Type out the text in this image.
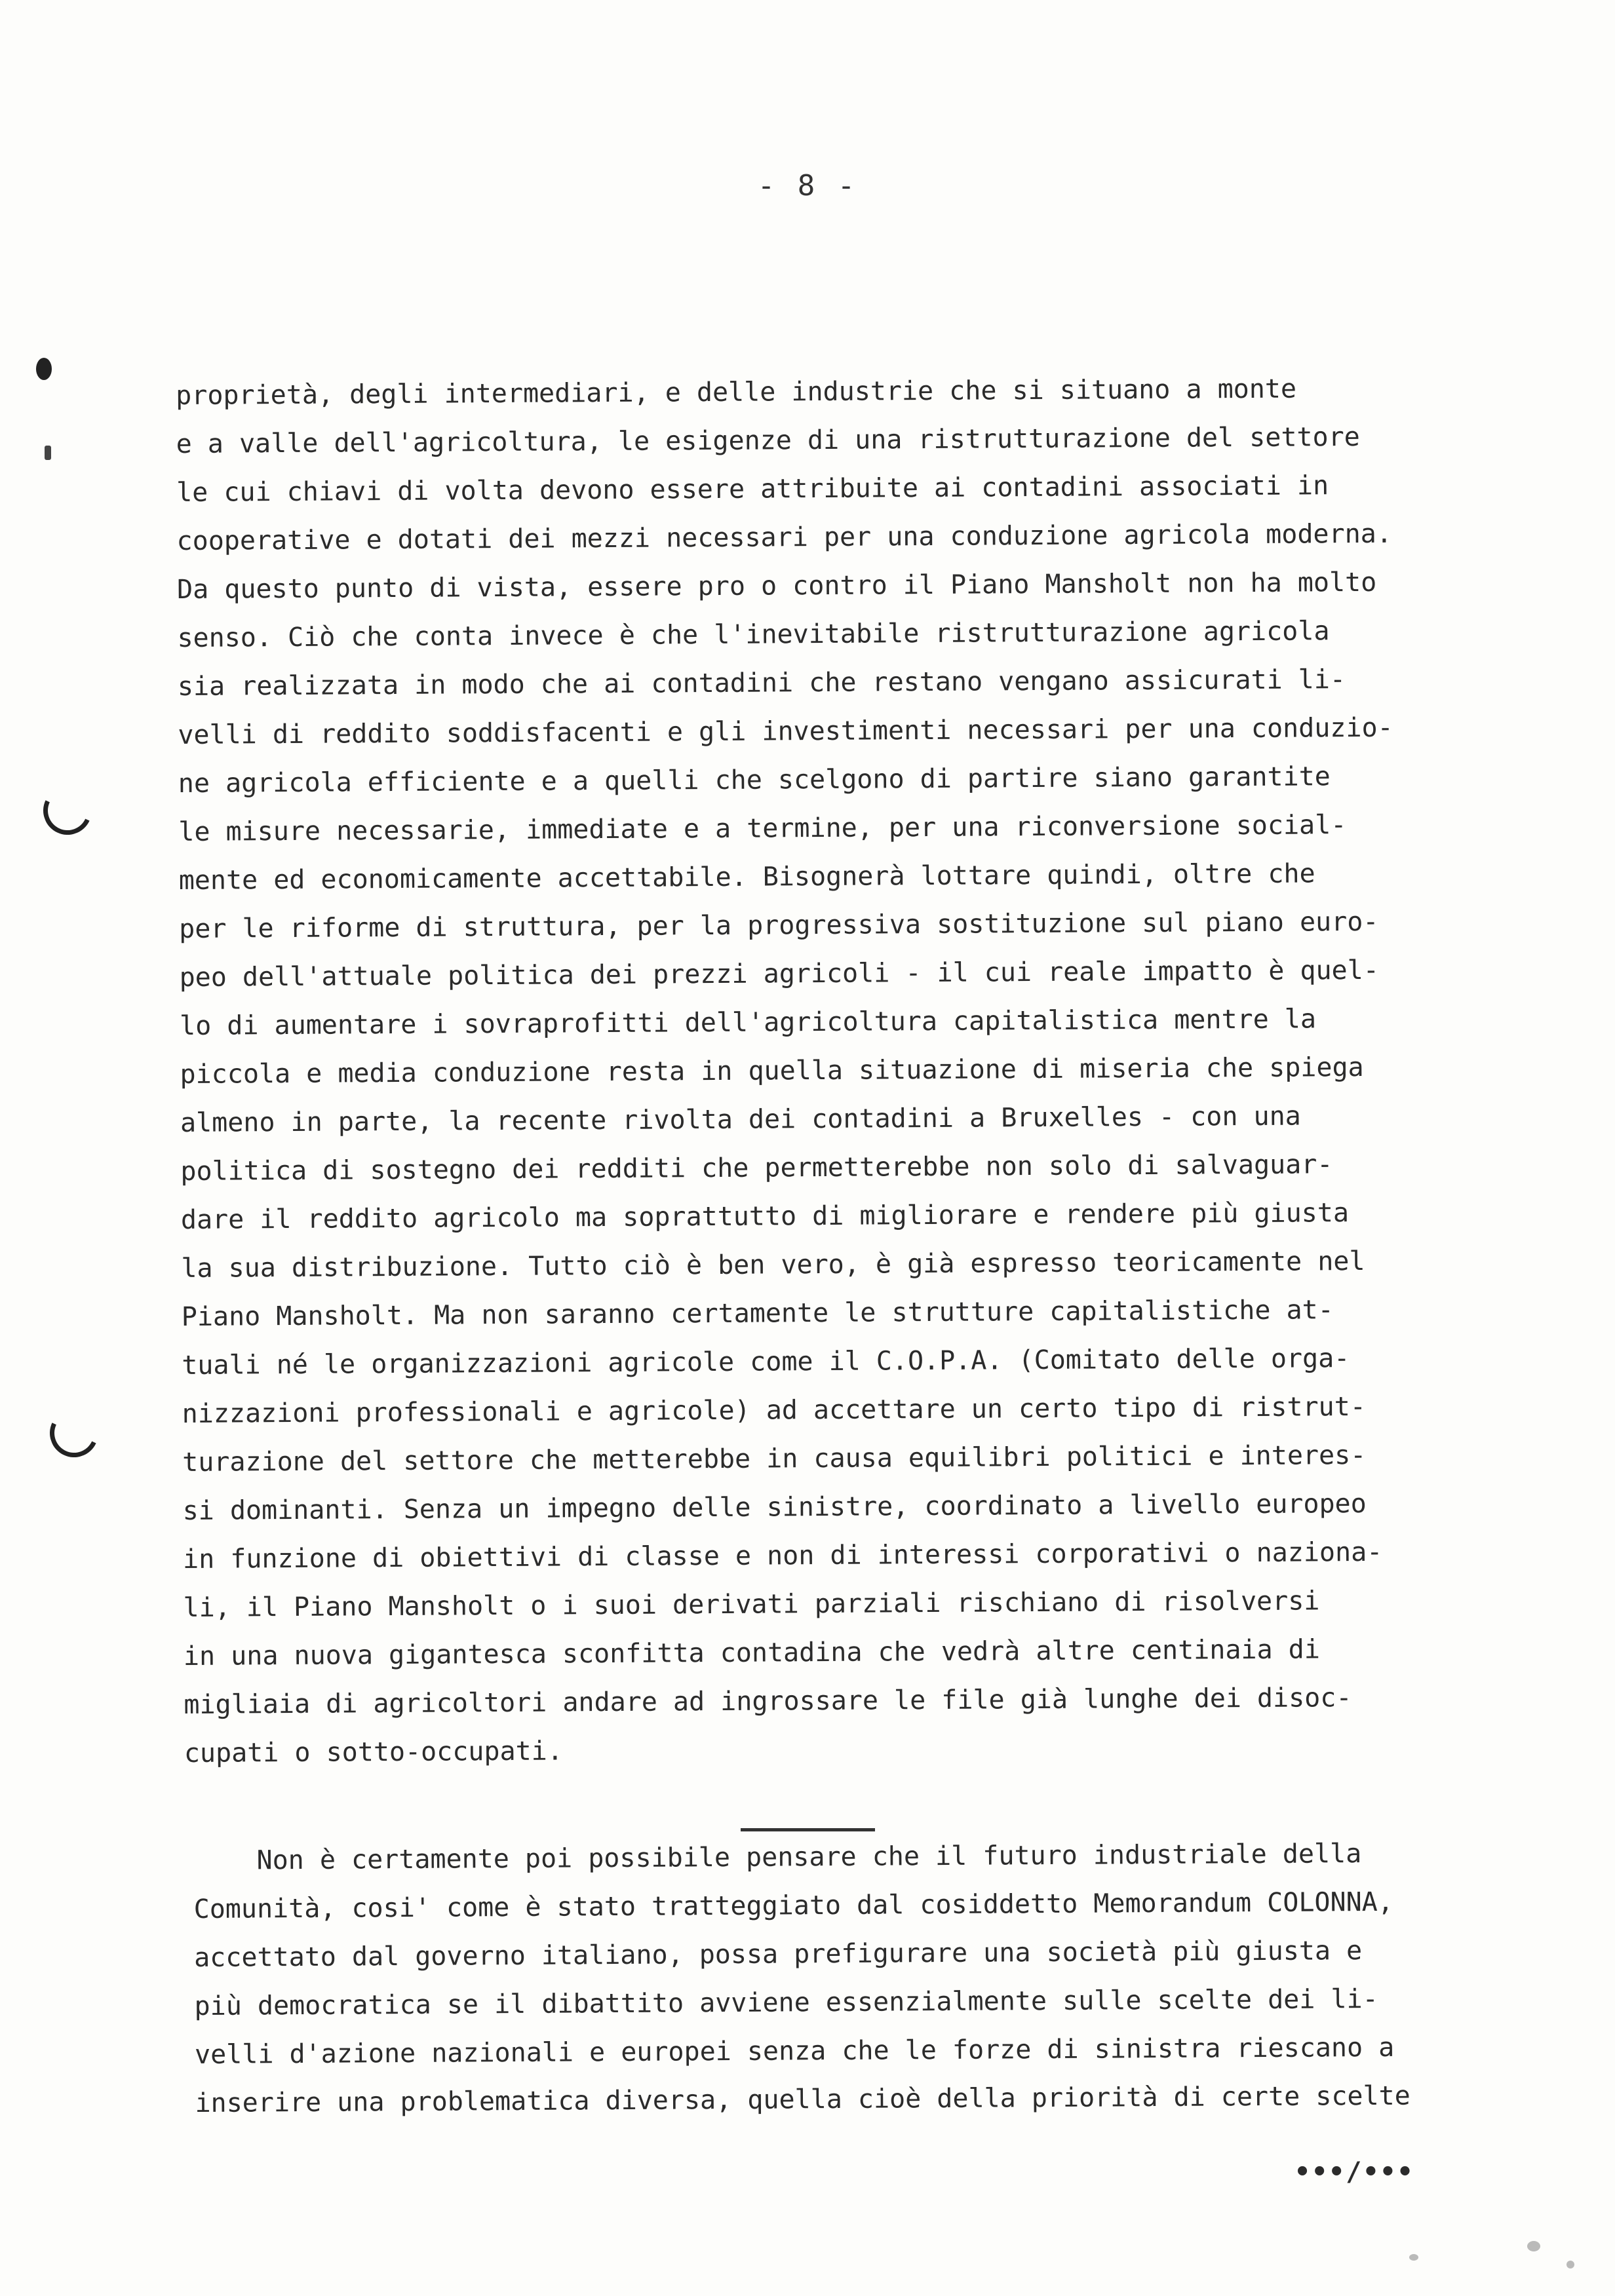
- 8 -
proprietà, degli intermediari, e delle industrie che si situano a monte
e a valle dell'agricoltura, le esigenze di una ristrutturazione del settore
le cui chiavi di volta devono essere attribuite ai contadini associati in
cooperative e dotati dei mezzi necessari per una conduzione agricola moderna.
Da questo punto di vista, essere pro o contro il Piano Mansholt non ha molto
senso. Ciò che conta invece è che l'inevitabile ristrutturazione agricola
sia realizzata in modo che ai contadini che restano vengano assicurati li-
velli di reddito soddisfacenti e gli investimenti necessari per una conduzio-
ne agricola efficiente e a quelli che scelgono di partire siano garantite
le misure necessarie, immediate e a termine, per una riconversione social-
mente ed economicamente accettabile. Bisognerà lottare quindi, oltre che
per le riforme di struttura, per la progressiva sostituzione sul piano euro-
peo dell'attuale politica dei prezzi agricoli - il cui reale impatto è quel-
lo di aumentare i sovraprofitti dell'agricoltura capitalistica mentre la
piccola e media conduzione resta in quella situazione di miseria che spiega
almeno in parte, la recente rivolta dei contadini a Bruxelles - con una
politica di sostegno dei redditi che permetterebbe non solo di salvaguar-
dare il reddito agricolo ma soprattutto di migliorare e rendere più giusta
la sua distribuzione. Tutto ciò è ben vero, è già espresso teoricamente nel
Piano Mansholt. Ma non saranno certamente le strutture capitalistiche at-
tuali né le organizzazioni agricole come il C.O.P.A. (Comitato delle orga-
nizzazioni professionali e agricole) ad accettare un certo tipo di ristrut-
turazione del settore che metterebbe in causa equilibri politici e interes-
si dominanti. Senza un impegno delle sinistre, coordinato a livello europeo
in funzione di obiettivi di classe e non di interessi corporativi o naziona-
li, il Piano Mansholt o i suoi derivati parziali rischiano di risolversi
in una nuova gigantesca sconfitta contadina che vedrà altre centinaia di
migliaia di agricoltori andare ad ingrossare le file già lunghe dei disoc-
cupati o sotto-occupati.
Non è certamente poi possibile pensare che il futuro industriale della
Comunità, cosi' come è stato tratteggiato dal cosiddetto Memorandum COLONNA,
accettato dal governo italiano, possa prefigurare una società più giusta e
più democratica se il dibattito avviene essenzialmente sulle scelte dei li-
velli d'azione nazionali e europei senza che le forze di sinistra riescano a
inserire una problematica diversa, quella cioè della priorità di certe scelte
•••/•••
